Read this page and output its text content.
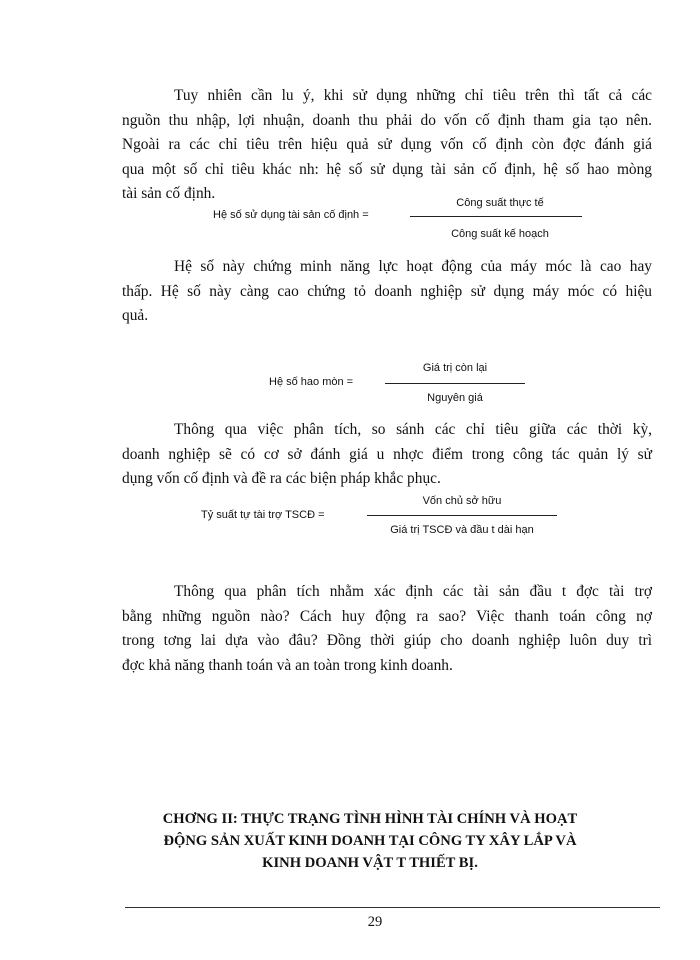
Tuy nhiên cần lu ý, khi sử dụng những chỉ tiêu trên thì tất cả các
nguồn thu nhập, lợi nhuận, doanh thu phải do vốn cố định tham gia tạo nên.
Ngoài ra các chỉ tiêu trên hiệu quả sử dụng vốn cố định còn đợc đánh giá
qua một số chỉ tiêu khác nh: hệ số sử dụng tài sản cố định, hệ số hao mòng
tài sản cố định.
Hệ số sử dụng tài sản cố định =
Công suất thực tế
Công suất kế hoạch
Hệ số này chứng minh năng lực hoạt động của máy móc là cao hay
thấp. Hệ số này càng cao chứng tỏ doanh nghiệp sử dụng máy móc có hiệu
quả.
Hệ số hao mòn =
Giá trị còn lại
Nguyên giá
Thông qua việc phân tích, so sánh các chỉ tiêu giữa các thời kỳ,
doanh nghiệp sẽ có cơ sở đánh giá u nhợc điểm trong công tác quản lý sử
dụng vốn cố định và đề ra các biện pháp khắc phục.
Tỷ suất tự tài trợ TSCĐ =
Vốn chủ sở hữu
Giá trị TSCĐ và đầu t dài hạn
Thông qua phân tích nhằm xác định các tài sản đầu t đợc tài trợ
bằng những nguồn nào? Cách huy động ra sao? Việc thanh toán công nợ
trong tơng lai dựa vào đâu? Đồng thời giúp cho doanh nghiệp luôn duy trì
đợc khả năng thanh toán và an toàn trong kinh doanh.
CHƠNG II: THỰC TRẠNG TÌNH HÌNH TÀI CHÍNH VÀ HOẠT
ĐỘNG SẢN XUẤT KINH DOANH TẠI CÔNG TY XÂY LẮP VÀ
KINH DOANH VẬT T THIẾT BỊ.
29
